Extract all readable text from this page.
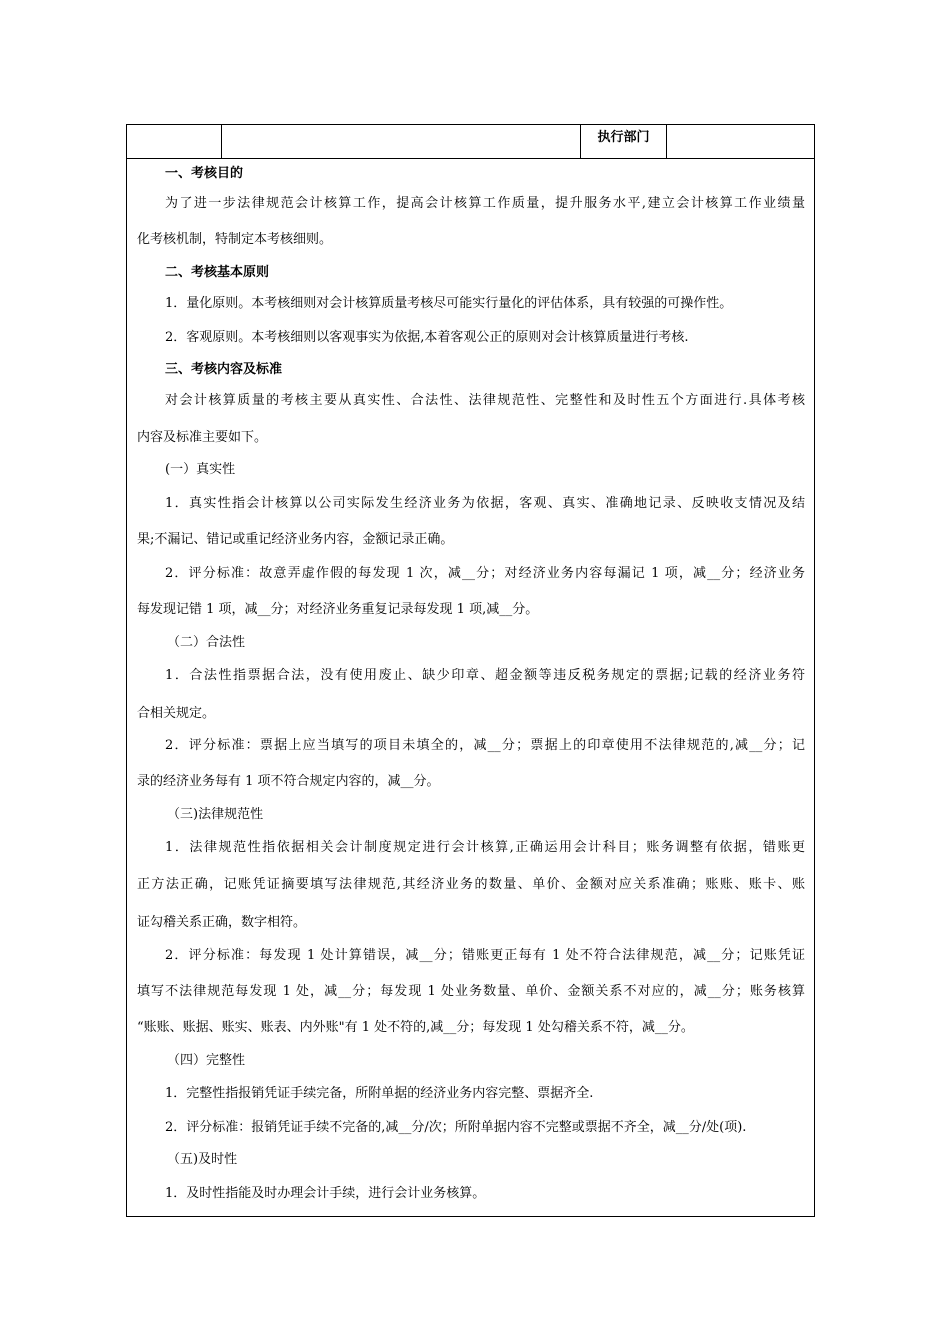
执行部门
一、考核目的
为了进一步法律规范会计核算工作，提高会计核算工作质量，提升服务水平,建立会计核算工作业绩量
化考核机制，特制定本考核细则。
二、考核基本原则
1．量化原则。本考核细则对会计核算质量考核尽可能实行量化的评估体系，具有较强的可操作性。
2．客观原则。本考核细则以客观事实为依据,本着客观公正的原则对会计核算质量进行考核.
三、考核内容及标准
对会计核算质量的考核主要从真实性、合法性、法律规范性、完整性和及时性五个方面进行.具体考核
内容及标准主要如下。
(一）真实性
1．真实性指会计核算以公司实际发生经济业务为依据，客观、真实、准确地记录、反映收支情况及结
果;不漏记、错记或重记经济业务内容，金额记录正确。
2．评分标准：故意弄虚作假的每发现 1 次，减__分；对经济业务内容每漏记 1 项，减__分；经济业务
每发现记错 1 项，减__分；对经济业务重复记录每发现 1 项,减__分。
（二）合法性
1．合法性指票据合法，没有使用废止、缺少印章、超金额等违反税务规定的票据;记载的经济业务符
合相关规定。
2．评分标准：票据上应当填写的项目未填全的，减__分；票据上的印章使用不法律规范的,减__分；记
录的经济业务每有 1 项不符合规定内容的，减__分。
（三)法律规范性
1．法律规范性指依据相关会计制度规定进行会计核算,正确运用会计科目；账务调整有依据，错账更
正方法正确，记账凭证摘要填写法律规范,其经济业务的数量、单价、金额对应关系准确；账账、账卡、账
证勾稽关系正确，数字相符。
2．评分标准：每发现 1 处计算错误，减__分；错账更正每有 1 处不符合法律规范，减__分；记账凭证
填写不法律规范每发现 1 处，减__分；每发现 1 处业务数量、单价、金额关系不对应的，减__分；账务核算
“账账、账据、账实、账表、内外账"有 1 处不符的,减__分；每发现 1 处勾稽关系不符，减__分。
（四）完整性
1．完整性指报销凭证手续完备，所附单据的经济业务内容完整、票据齐全.
2．评分标准：报销凭证手续不完备的,减__分/次；所附单据内容不完整或票据不齐全，减__分/处(项).
（五)及时性
1．及时性指能及时办理会计手续，进行会计业务核算。
